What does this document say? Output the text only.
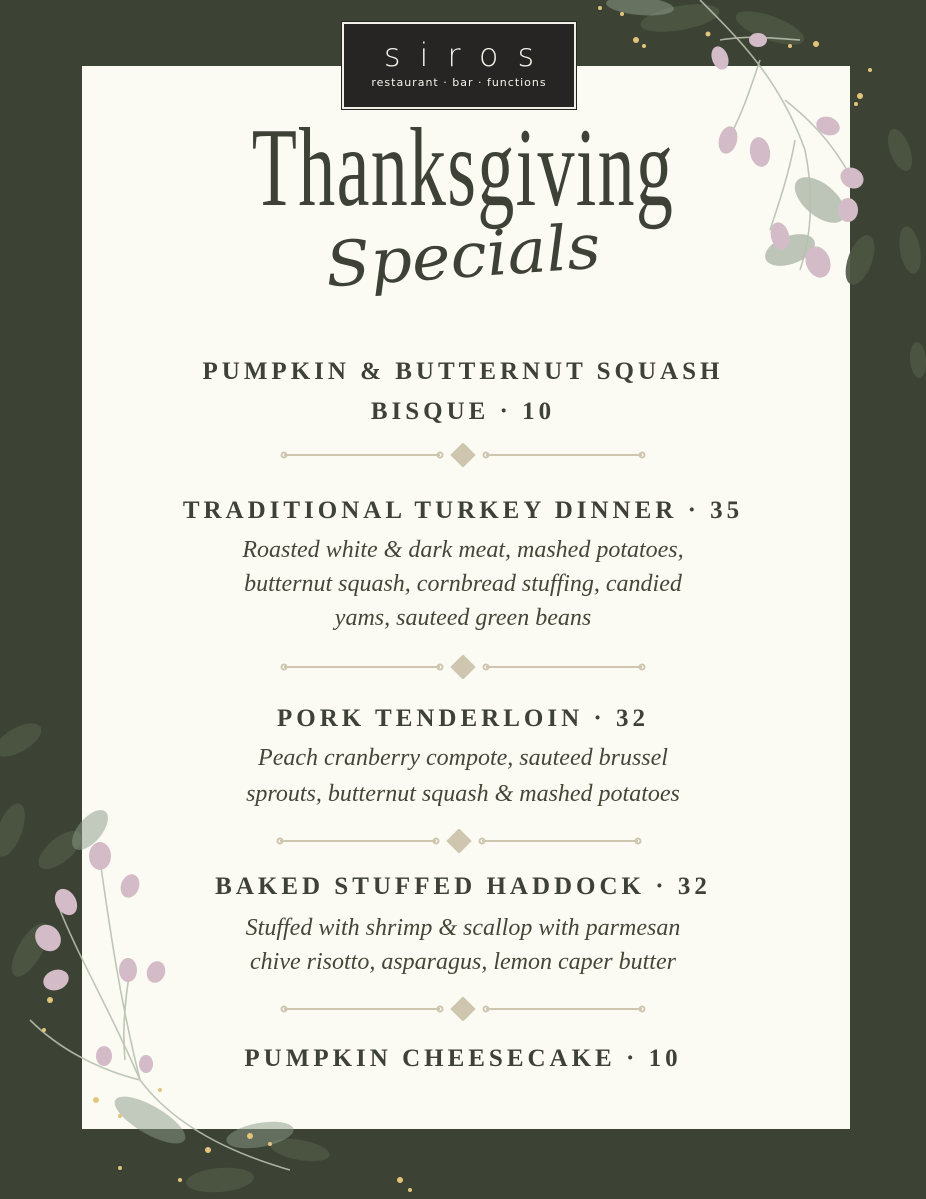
siros
restaurant · bar · functions
Thanksgiving
Specials
PUMPKIN & BUTTERNUT SQUASH
BISQUE · 10
TRADITIONAL TURKEY DINNER · 35
Roasted white & dark meat, mashed potatoes,
butternut squash, cornbread stuffing, candied
yams, sauteed green beans
PORK TENDERLOIN · 32
Peach cranberry compote, sauteed brussel
sprouts, butternut squash & mashed potatoes
BAKED STUFFED HADDOCK · 32
Stuffed with shrimp & scallop with parmesan
chive risotto, asparagus, lemon caper butter
PUMPKIN CHEESECAKE · 10
